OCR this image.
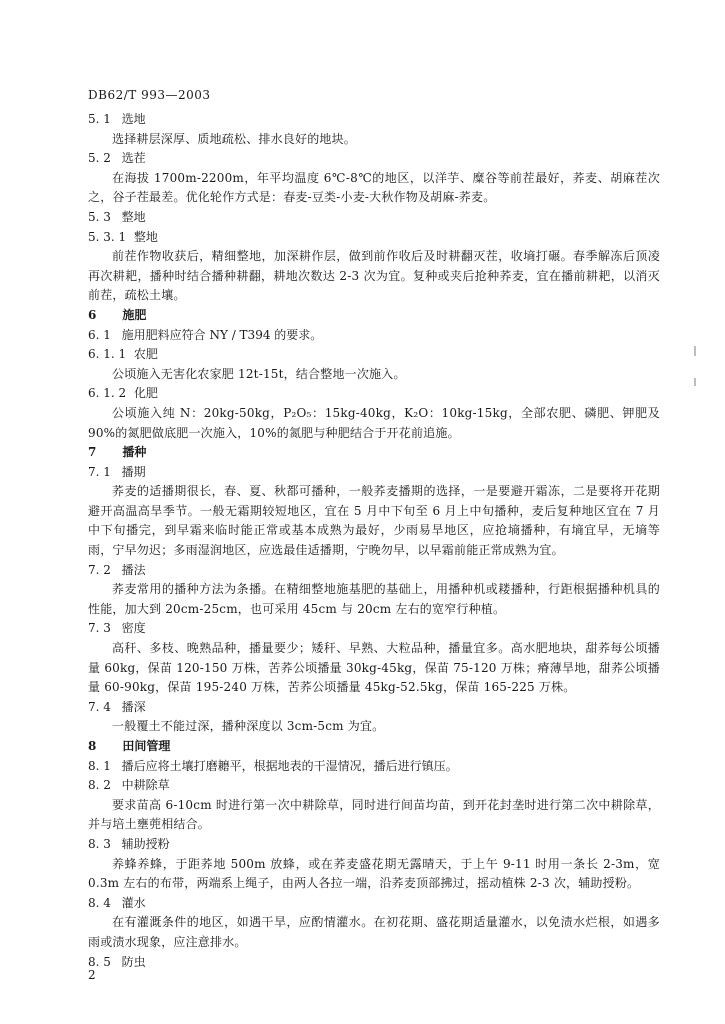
DB62/T 993—2003
5. 1 选地
选择耕层深厚、质地疏松、排水良好的地块。
5. 2 选茬
在海拔 1700m-2200m，年平均温度 6℃-8℃的地区，以洋芋、糜谷等前茬最好，荞麦、胡麻茬次之，谷子茬最差。优化轮作方式是：春麦-豆类-小麦-大秋作物及胡麻-荞麦。
5. 3 整地
5. 3. 1 整地
前茬作物收获后，精细整地，加深耕作层，做到前作收后及时耕翻灭茬，收墒打碾。春季解冻后顶凌再次耕耙，播种时结合播种耕翻，耕地次数达 2-3 次为宜。复种或夹后抢种荞麦，宜在播前耕耙，以消灭前茬，疏松土壤。
6 施肥
6. 1 施用肥料应符合 NY / T394 的要求。
6. 1. 1 农肥
公顷施入无害化农家肥 12t-15t，结合整地一次施入。
6. 1. 2 化肥
公顷施入纯 N：20kg-50kg，P₂O₅：15kg-40kg，K₂O：10kg-15kg，全部农肥、磷肥、钾肥及 90%的氮肥做底肥一次施入，10%的氮肥与种肥结合于开花前追施。
7 播种
7. 1 播期
荞麦的适播期很长，春、夏、秋都可播种，一般荞麦播期的选择，一是要避开霜冻，二是要将开花期避开高温高旱季节。一般无霜期较短地区，宜在 5 月中下旬至 6 月上中旬播种，麦后复种地区宜在 7 月中下旬播完，到早霜来临时能正常或基本成熟为最好，少雨易旱地区，应抢墒播种，有墒宜早，无墒等雨，宁早勿迟；多雨湿润地区，应选最佳适播期，宁晚勿早，以早霜前能正常成熟为宜。
7. 2 播法
荞麦常用的播种方法为条播。在精细整地施基肥的基础上，用播种机或耧播种，行距根据播种机具的性能，加大到 20cm-25cm，也可采用 45cm 与 20cm 左右的宽窄行种植。
7. 3 密度
高秆、多枝、晚熟品种，播量要少；矮秆、早熟、大粒品种，播量宜多。高水肥地块，甜荞每公顷播量 60kg，保苗 120-150 万株，苦荞公顷播量 30kg-45kg，保苗 75-120 万株；瘠薄旱地，甜荞公顷播量 60-90kg，保苗 195-240 万株，苦荞公顷播量 45kg-52.5kg，保苗 165-225 万株。
7. 4 播深
一般覆土不能过深，播种深度以 3cm-5cm 为宜。
8 田间管理
8. 1 播后应将土壤打磨耱平，根据地表的干湿情况，播后进行镇压。
8. 2 中耕除草
要求苗高 6-10cm 时进行第一次中耕除草，同时进行间苗均苗，到开花封垄时进行第二次中耕除草，并与培土壅蔸相结合。
8. 3 辅助授粉
养蜂养蜂，于距荞地 500m 放蜂，或在荞麦盛花期无露晴天，于上午 9-11 时用一条长 2-3m，宽 0.3m 左右的布带，两端系上绳子，由两人各拉一端，沿荞麦顶部拂过，摇动植株 2-3 次，辅助授粉。
8. 4 灌水
在有灌溉条件的地区，如遇干旱，应酌情灌水。在初花期、盛花期适量灌水，以免渍水烂根，如遇多雨或渍水现象，应注意排水。
8. 5 防虫
2
